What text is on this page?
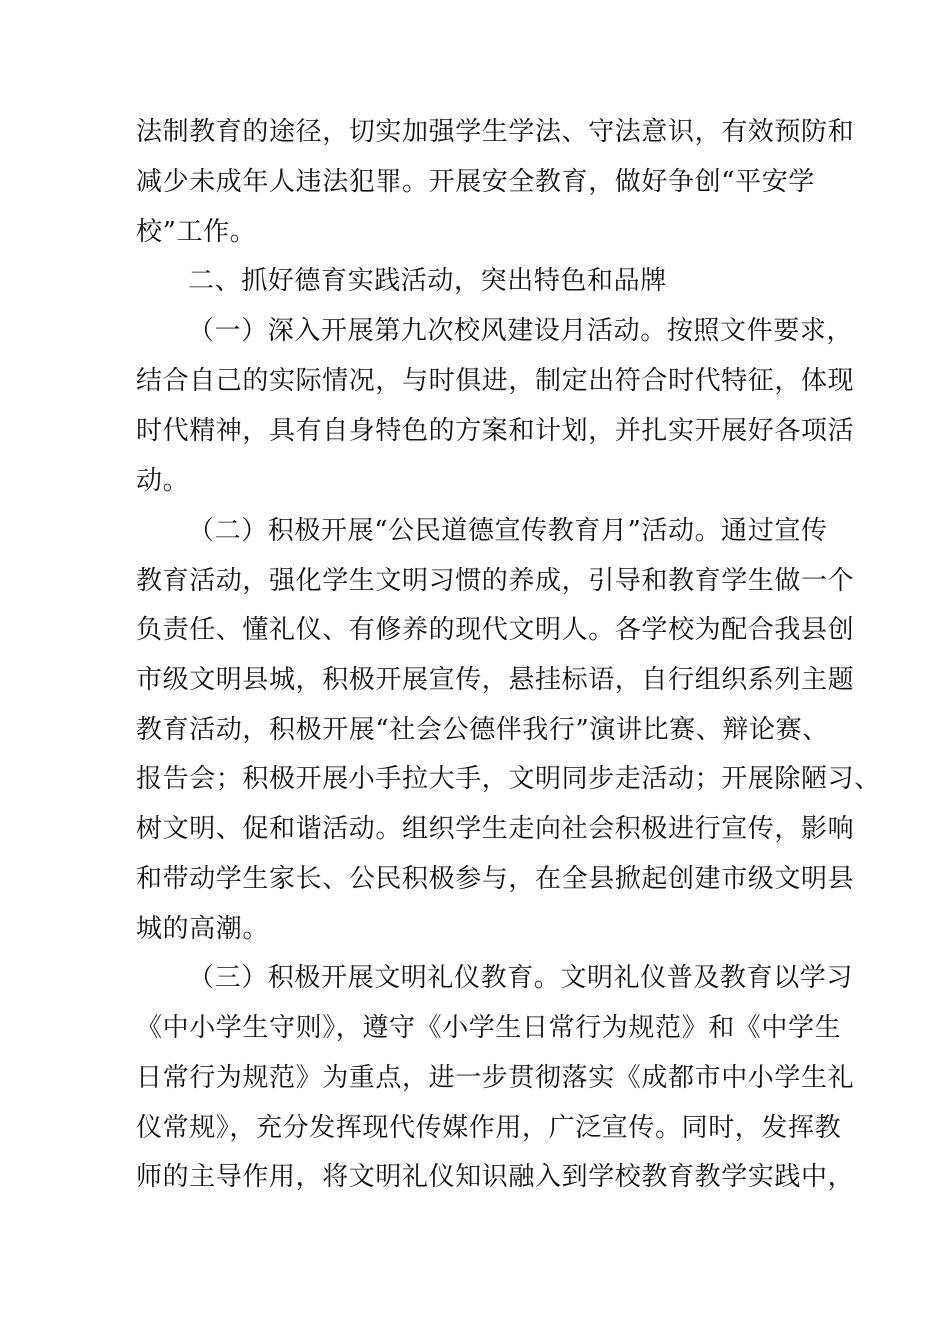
法制教育的途径，切实加强学生学法、守法意识，有效预防和
减少未成年人违法犯罪。开展安全教育，做好争创“平安学
校”工作。
二、抓好德育实践活动，突出特色和品牌
（一）深入开展第九次校风建设月活动。按照文件要求，
结合自己的实际情况，与时俱进，制定出符合时代特征，体现
时代精神，具有自身特色的方案和计划，并扎实开展好各项活
动。
（二）积极开展“公民道德宣传教育月”活动。通过宣传
教育活动，强化学生文明习惯的养成，引导和教育学生做一个
负责任、懂礼仪、有修养的现代文明人。各学校为配合我县创
市级文明县城，积极开展宣传，悬挂标语，自行组织系列主题
教育活动，积极开展“社会公德伴我行”演讲比赛、辩论赛、
报告会；积极开展小手拉大手，文明同步走活动；开展除陋习、
树文明、促和谐活动。组织学生走向社会积极进行宣传，影响
和带动学生家长、公民积极参与，在全县掀起创建市级文明县
城的高潮。
（三）积极开展文明礼仪教育。文明礼仪普及教育以学习
《中小学生守则》，遵守《小学生日常行为规范》和《中学生
日常行为规范》为重点，进一步贯彻落实《成都市中小学生礼
仪常规》，充分发挥现代传媒作用，广泛宣传。同时，发挥教
师的主导作用，将文明礼仪知识融入到学校教育教学实践中，
